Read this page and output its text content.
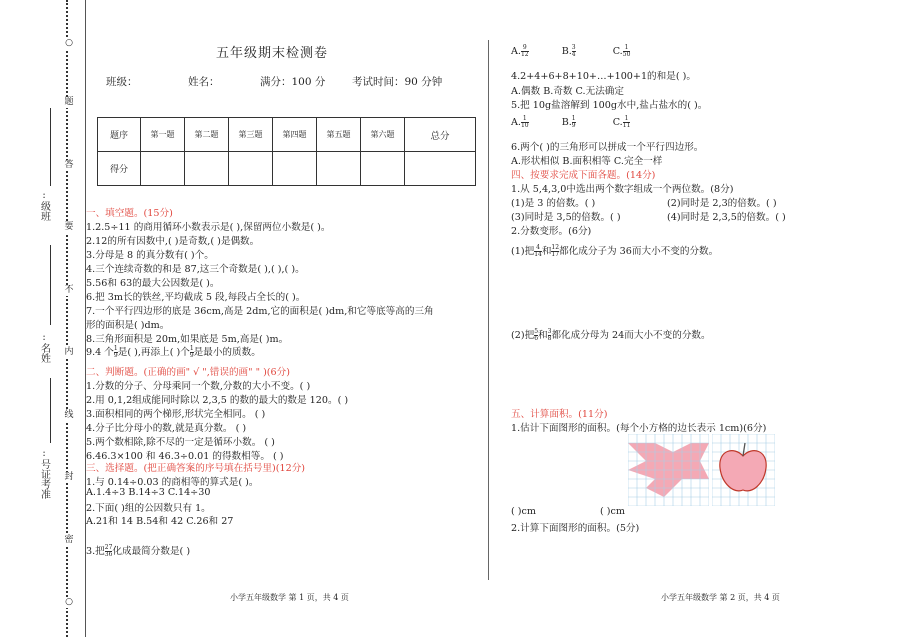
○
题
答
要
不
内
线
封
密
○
:
级班
:
名姓
:
号证考准
五年级期末检测卷
班级：	姓名：	满分：100 分	考试时间：90 分钟
题序	第一题	第二题	第三题	第四题	第五题	第六题	总分
得分							
一、填空题。(15分)
1.2.5÷11 的商用循环小数表示是( ),保留两位小数是( )。
2.12的所有因数中,( )是奇数,( )是偶数。
3.分母是 8 的真分数有( )个。
4.三个连续奇数的和是 87,这三个奇数是( ),( ),( )。
5.56和 63的最大公因数是( )。
6.把 3m长的铁丝,平均截成 5 段,每段占全长的( )。
7.一个平行四边形的底是 36cm,高是 2dm,它的面积是( )dm,和它等底等高的三角
形的面积是( )dm。
8.三角形面积是 20m,如果底是 5m,高是( )m。
9.4 个 $\frac{1}{9}$ 是( ),再添上( )个 $\frac{1}{9}$ 是最小的质数。
二、判断题。(正确的画" √ ",错误的画" " )(6分)
1.分数的分子、分母乘同一个数,分数的大小不变。( )
2.用 0,1,2组成能同时除以 2,3,5 的数的最大的数是 120。( )
3.面积相同的两个梯形,形状完全相同。 ( )
4.分子比分母小的数,就是真分数。 ( )
5.两个数相除,除不尽的一定是循环小数。 ( )
6.46.3×100 和 46.3÷0.01 的得数相等。 ( )
三、选择题。(把正确答案的序号填在括号里)(12分)
1.与 0.14÷0.03 的商相等的算式是( )。
A.1.4÷3 B.14÷3 C.14÷30
2.下面( )组的公因数只有 1。
A.21和 14 B.54和 42 C.26和 27
3.把 $\frac{27}{36}$ 化成最简分数是( )
A. $\frac{9}{12}$	B. $\frac{3}{4}$	C. $\frac{1}{50}$
4.2+4+6+8+10+…+100+1的和是( )。
A.偶数 B.奇数 C.无法确定
5.把 10g盐溶解到 100g水中,盐占盐水的( )。
A. $\frac{1}{10}$	B. $\frac{1}{9}$	C. $\frac{1}{11}$
6.两个( )的三角形可以拼成一个平行四边形。
A.形状相似 B.面积相等 C.完全一样
四、按要求完成下面各题。(14分)
1.从 5,4,3,0中选出两个数字组成一个两位数。(8分)
(1)是 3 的倍数。( )	(2)同时是 2,3的倍数。( )
(3)同时是 3,5的倍数。( )	(4)同时是 2,3,5的倍数。( )
2.分数变形。(6分)
(1)把 $\frac{4}{14}$ 和 $\frac{12}{17}$ 都化成分子为 36而大小不变的分数。
(2)把 $\frac{5}{6}$ 和 $\frac{3}{8}$ 都化成分母为 24而大小不变的分数。
五、计算面积。(11分)
1.估计下面图形的面积。(每个小方格的边长表示 1cm)(6分)
( )cm	( )cm
2.计算下面图形的面积。(5分)
小学五年级数学 第 1 页，共 4 页	小学五年级数学 第 2 页，共 4 页
